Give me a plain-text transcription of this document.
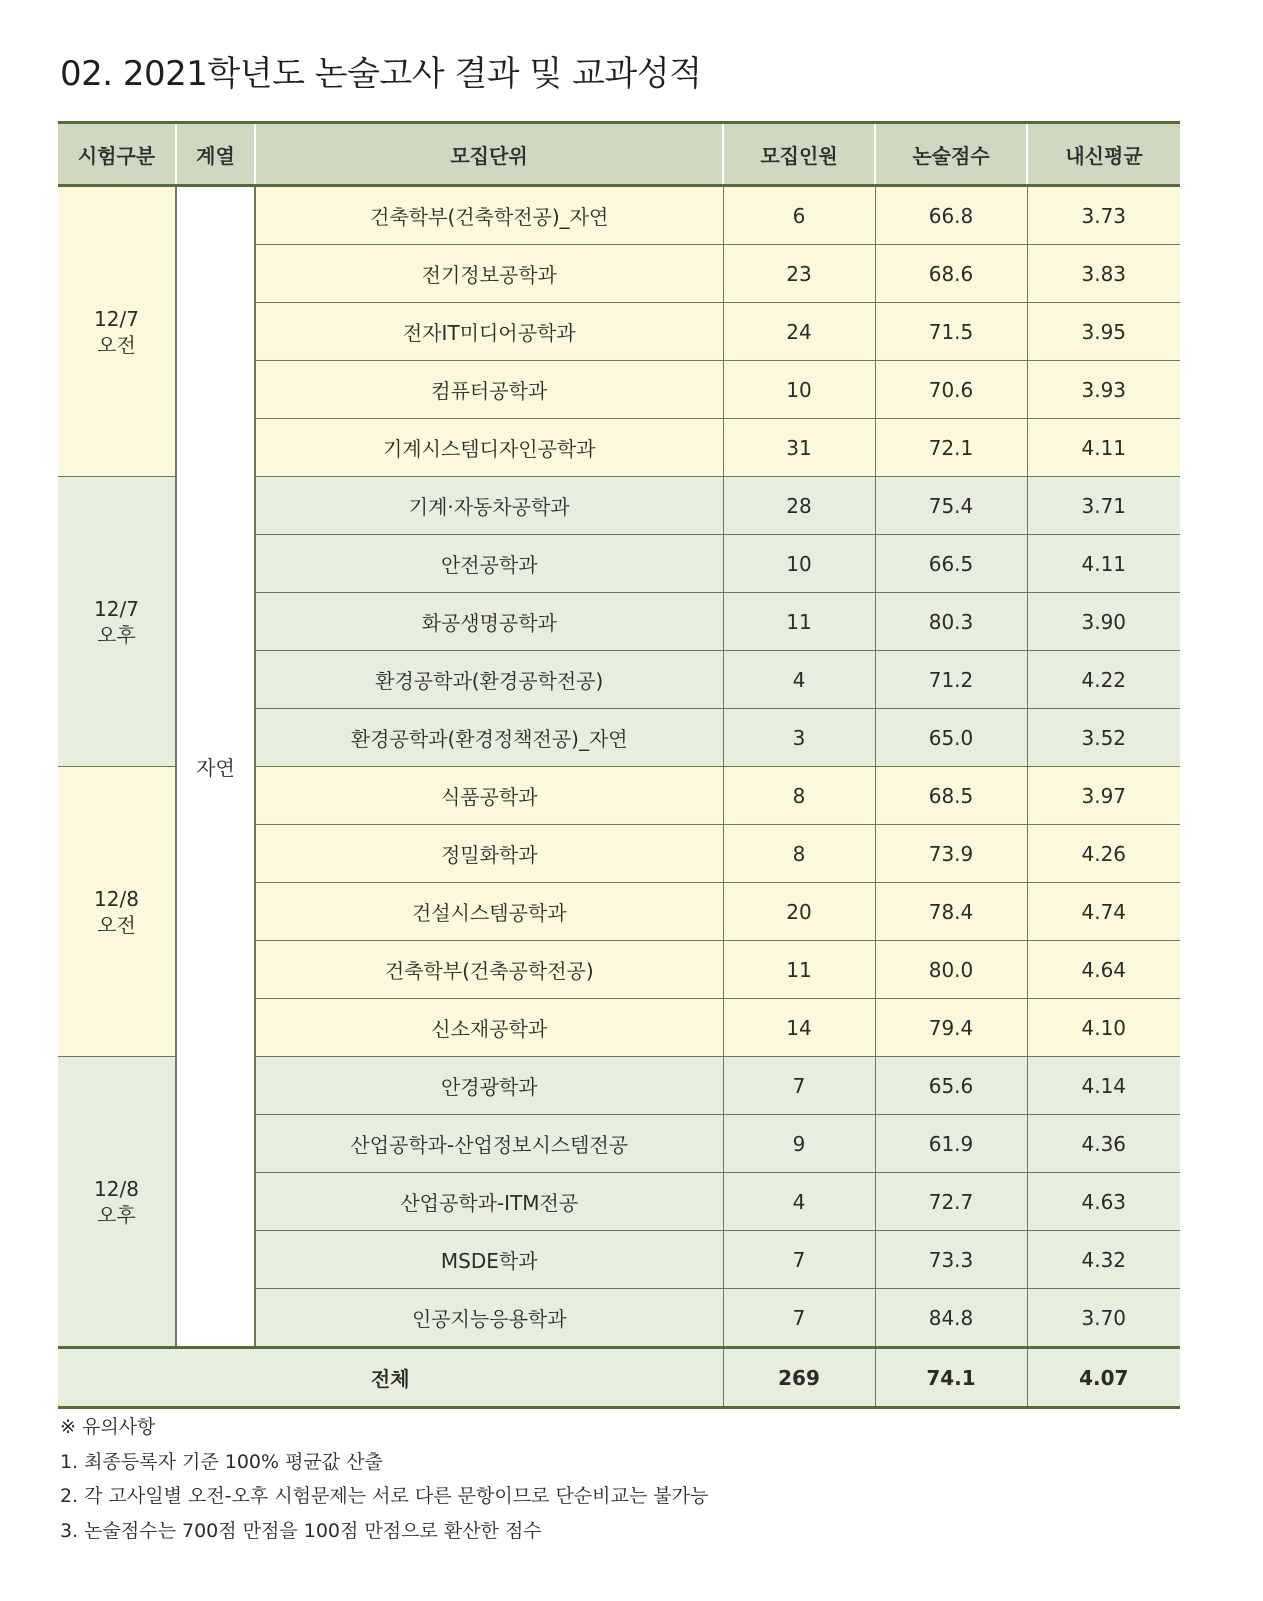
02. 2021학년도 논술고사 결과 및 교과성적
시험구분	계열	모집단위	모집인원	논술점수	내신평균

12/7
오전	자연	건축학부(건축학전공)_자연	6	66.8	3.73
		전기정보공학과	23	68.6	3.83
		전자IT미디어공학과	24	71.5	3.95
		컴퓨터공학과	10	70.6	3.93
		기계시스템디자인공학과	31	72.1	4.11

12/7
오후		기계·자동차공학과	28	75.4	3.71
		안전공학과	10	66.5	4.11
		화공생명공학과	11	80.3	3.90
		환경공학과(환경공학전공)	4	71.2	4.22
		환경공학과(환경정책전공)_자연	3	65.0	3.52

12/8
오전		식품공학과	8	68.5	3.97
		정밀화학과	8	73.9	4.26
		건설시스템공학과	20	78.4	4.74
		건축학부(건축공학전공)	11	80.0	4.64
		신소재공학과	14	79.4	4.10

12/8
오후		안경광학과	7	65.6	4.14
		산업공학과-산업정보시스템전공	9	61.9	4.36
		산업공학과-ITM전공	4	72.7	4.63
		MSDE학과	7	73.3	4.32
		인공지능응용학과	7	84.8	3.70
전체			269	74.1	4.07
※ 유의사항
1. 최종등록자 기준 100% 평균값 산출
2. 각 고사일별 오전-오후 시험문제는 서로 다른 문항이므로 단순비교는 불가능
3. 논술점수는 700점 만점을 100점 만점으로 환산한 점수
